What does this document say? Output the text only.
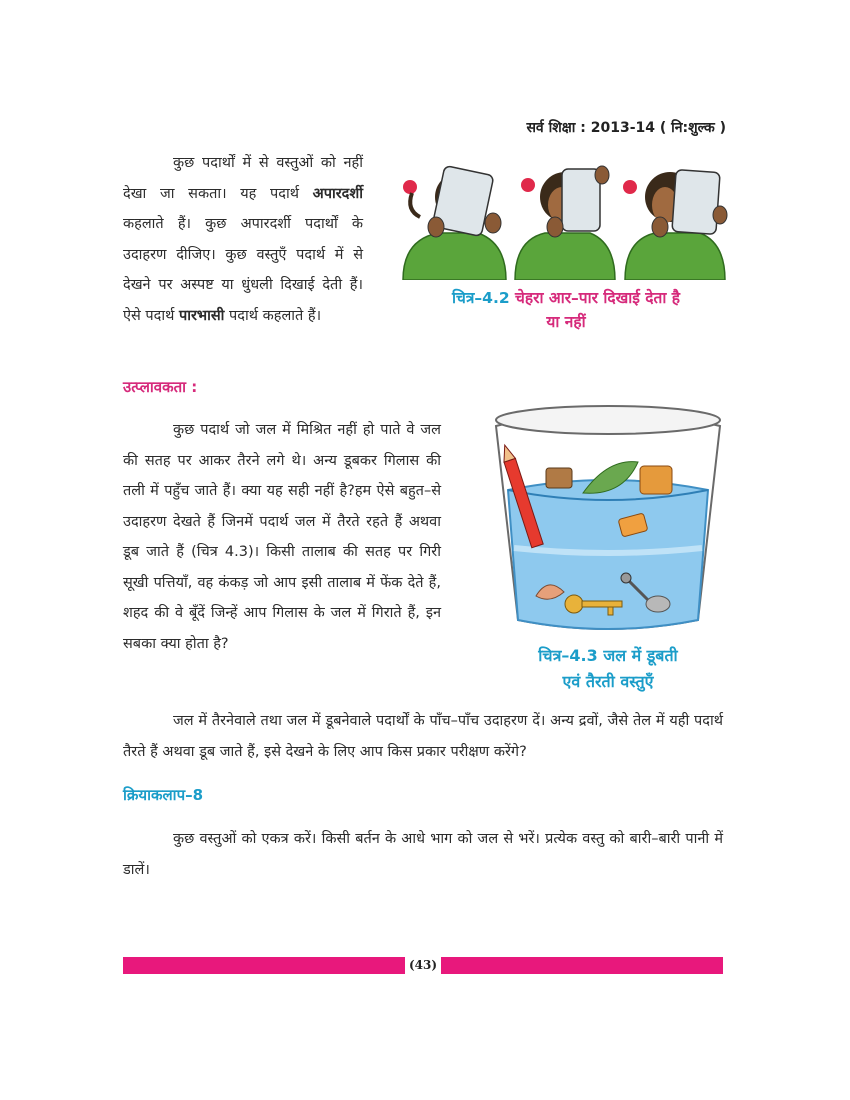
सर्व शिक्षा : 2013-14 ( नि:शुल्क )

कुछ पदार्थों में से वस्तुओं को नहीं देखा जा सकता। यह पदार्थ अपारदर्शी कहलाते हैं। कुछ अपारदर्शी पदार्थों के उदाहरण दीजिए। कुछ वस्तुएँ पदार्थ में से देखने पर अस्पष्ट या धुंधली दिखाई देती हैं। ऐसे पदार्थ पारभासी पदार्थ कहलाते हैं।

चित्र–4.2 चेहरा आर–पार दिखाई देता है
या नहीं
उत्प्लावकता :

कुछ पदार्थ जो जल में मिश्रित नहीं हो पाते वे जल की सतह पर आकर तैरने लगे थे। अन्य डूबकर गिलास की तली में पहुँच जाते हैं। क्या यह सही नहीं है?हम ऐसे बहुत–से उदाहरण देखते हैं जिनमें पदार्थ जल में तैरते रहते हैं अथवा डूब जाते हैं (चित्र 4.3)। किसी तालाब की सतह पर गिरी सूखी पत्तियाँ, वह कंकड़ जो आप इसी तालाब में फेंक देते हैं, शहद की वे बूँदें जिन्हें आप गिलास के जल में गिराते हैं, इन सबका क्या होता है?

चित्र–4.3 जल में डूबती
एवं तैरती वस्तुएँ

जल में तैरनेवाले तथा जल में डूबनेवाले पदार्थों के पाँच–पाँच उदाहरण दें। अन्य द्रवों, जैसे तेल में यही पदार्थ तैरते हैं अथवा डूब जाते हैं, इसे देखने के लिए आप किस प्रकार परीक्षण करेंगे?

क्रियाकलाप–8

कुछ वस्तुओं को एकत्र करें। किसी बर्तन के आधे भाग को जल से भरें। प्रत्येक वस्तु को बारी–बारी पानी में डालें।

(43)
